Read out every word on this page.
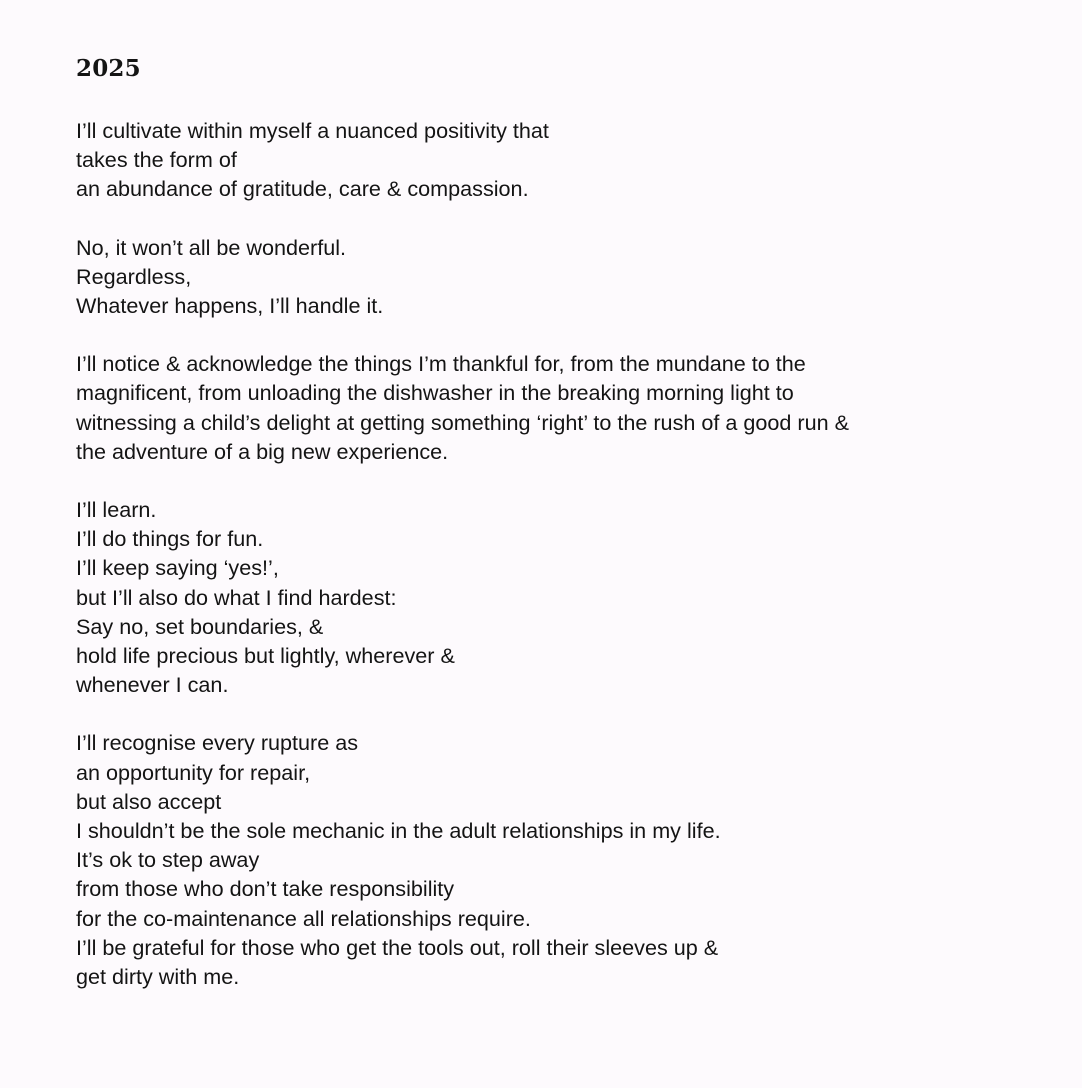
2025
I’ll cultivate within myself a nuanced positivity that
takes the form of
an abundance of gratitude, care & compassion.
No, it won’t all be wonderful.
Regardless,
Whatever happens, I’ll handle it.
I’ll notice & acknowledge the things I’m thankful for, from the mundane to the
magnificent, from unloading the dishwasher in the breaking morning light to
witnessing a child’s delight at getting something ‘right’ to the rush of a good run &
the adventure of a big new experience.
I’ll learn.
I’ll do things for fun.
I’ll keep saying ‘yes!’,
but I’ll also do what I find hardest:
Say no, set boundaries, &
hold life precious but lightly, wherever &
whenever I can.
I’ll recognise every rupture as
an opportunity for repair,
but also accept
I shouldn’t be the sole mechanic in the adult relationships in my life.
It’s ok to step away
from those who don’t take responsibility
for the co-maintenance all relationships require.
I’ll be grateful for those who get the tools out, roll their sleeves up &
get dirty with me.
